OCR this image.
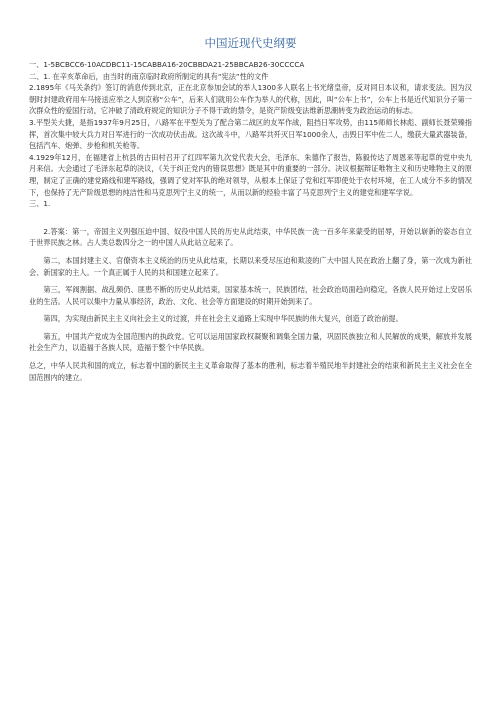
中国近现代史纲要

一、1-5BCBCC6-10ACDBC11-15CABBA16-20CBBDA21-25BBCAB26-30CCCCA

二、1. 在辛亥革命后，由当时的南京临时政府所制定的具有“宪法”性的文件

2.1895年《马关条约》签订的消息传到北京，正在北京参加会试的举人1300多人联名上书光绪皇帝，反对同日本议和，请求变法。因为汉朝时封建政府用车马接送应举之人到京称“公车”，后来人们就用公车作为举人的代称，因此，叫“公车上书”，公车上书是近代知识分子第一次群众性的爱国行动，它冲破了清政府规定的知识分子不得干政的禁令，是资产阶级变法维新思潮转变为政治运动的标志。

3.平型关大捷，是指1937年9月25日，八路军在平型关为了配合第二战区的友军作战，阻挡日军攻势，由115师师长林彪、副师长聂荣臻指挥，首次集中较大兵力对日军进行的一次成功伏击战。这次战斗中，八路军共歼灭日军1000余人，击毁日军中佐二人，缴获大量武器装备，包括汽车、炮弹、步枪和机关枪等。

4.1929年12月，在福建省上杭县的古田村召开了红四军第九次党代表大会，毛泽东、朱德作了报告，陈毅传达了周恩来等起草的党中央九月来信。大会通过了毛泽东起草的决议，《关于纠正党内的错误思想》既是其中的重要的一部分。决议根据辩证唯物主义和历史唯物主义的原理，制定了正确的建党路线和建军路线，强调了党对军队的绝对领导，从根本上保证了党和红军即使处于农村环境，在工人成分不多的情况下，也保持了无产阶级思想的纯洁性和马克思列宁主义的统一，从而以新的经验丰富了马克思列宁主义的建党和建军学说。

三、1.

2.答案：第一，帝国主义列强压迫中国、奴役中国人民的历史从此结束，中华民族一洗一百多年来蒙受的屈辱，开始以崭新的姿态自立于世界民族之林。占人类总数四分之一的中国人从此站立起来了。

第二，本国封建主义、官僚资本主义统治的历史从此结束，长期以来受尽压迫和欺凌的广大中国人民在政治上翻了身，第一次成为新社会、新国家的主人。一个真正属于人民的共和国建立起来了。

第三，军阀割据、战乱频仍、匪患不断的历史从此结束，国家基本统一，民族团结，社会政治局面趋向稳定，各族人民开始过上安居乐业的生活。人民可以集中力量从事经济，政治、文化、社会等方面建设的时期开始到来了。

第四，为实现由新民主主义向社会主义的过渡，并在社会主义道路上实现中华民族的伟大复兴，创造了政治前提。

第五，中国共产党成为全国范围内的执政党。它可以运用国家政权凝聚和调集全国力量，巩固民族独立和人民解放的成果，解放并发展社会生产力，以造福于各族人民，造福于整个中华民族。

总之，中华人民共和国的成立，标志着中国的新民主主义革命取得了基本的胜利，标志着半殖民地半封建社会的结束和新民主主义社会在全国范围内的建立。
